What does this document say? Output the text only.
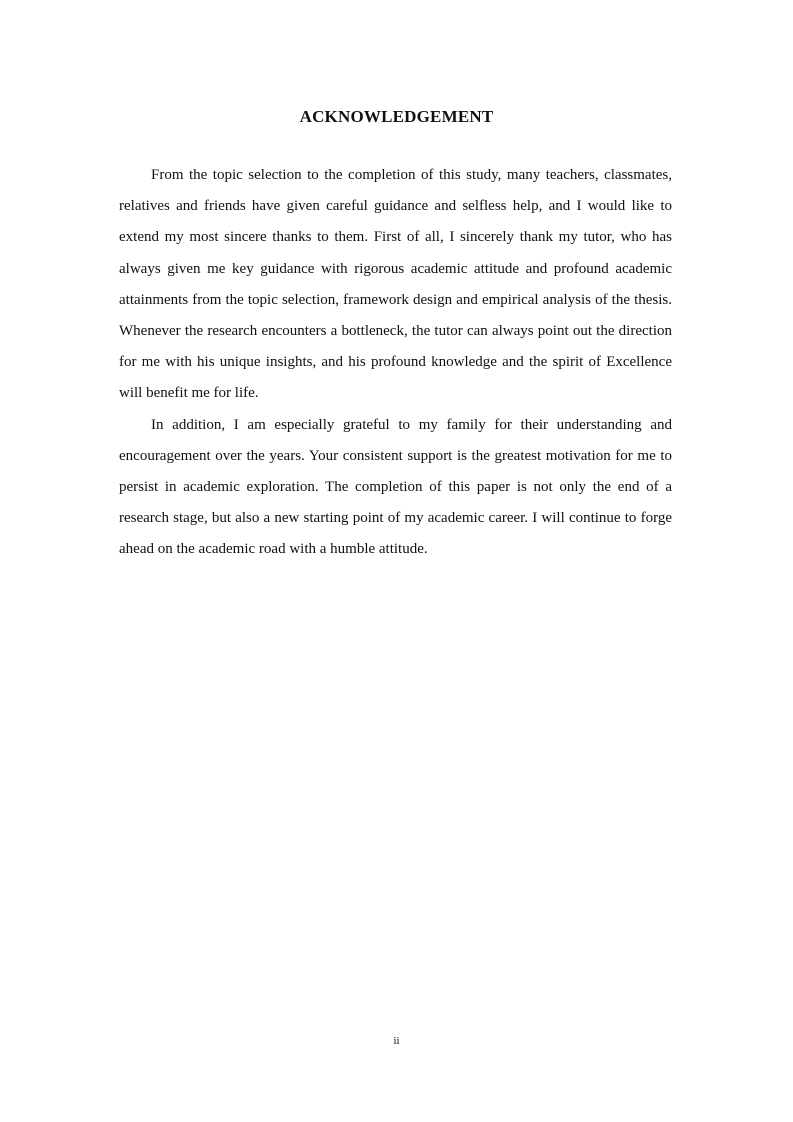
ACKNOWLEDGEMENT

From the topic selection to the completion of this study, many teachers, classmates, relatives and friends have given careful guidance and selfless help, and I would like to extend my most sincere thanks to them. First of all, I sincerely thank my tutor, who has always given me key guidance with rigorous academic attitude and profound academic attainments from the topic selection, framework design and empirical analysis of the thesis. Whenever the research encounters a bottleneck, the tutor can always point out the direction for me with his unique insights, and his profound knowledge and the spirit of Excellence will benefit me for life.

In addition, I am especially grateful to my family for their understanding and encouragement over the years. Your consistent support is the greatest motivation for me to persist in academic exploration. The completion of this paper is not only the end of a research stage, but also a new starting point of my academic career. I will continue to forge ahead on the academic road with a humble attitude.

ii
